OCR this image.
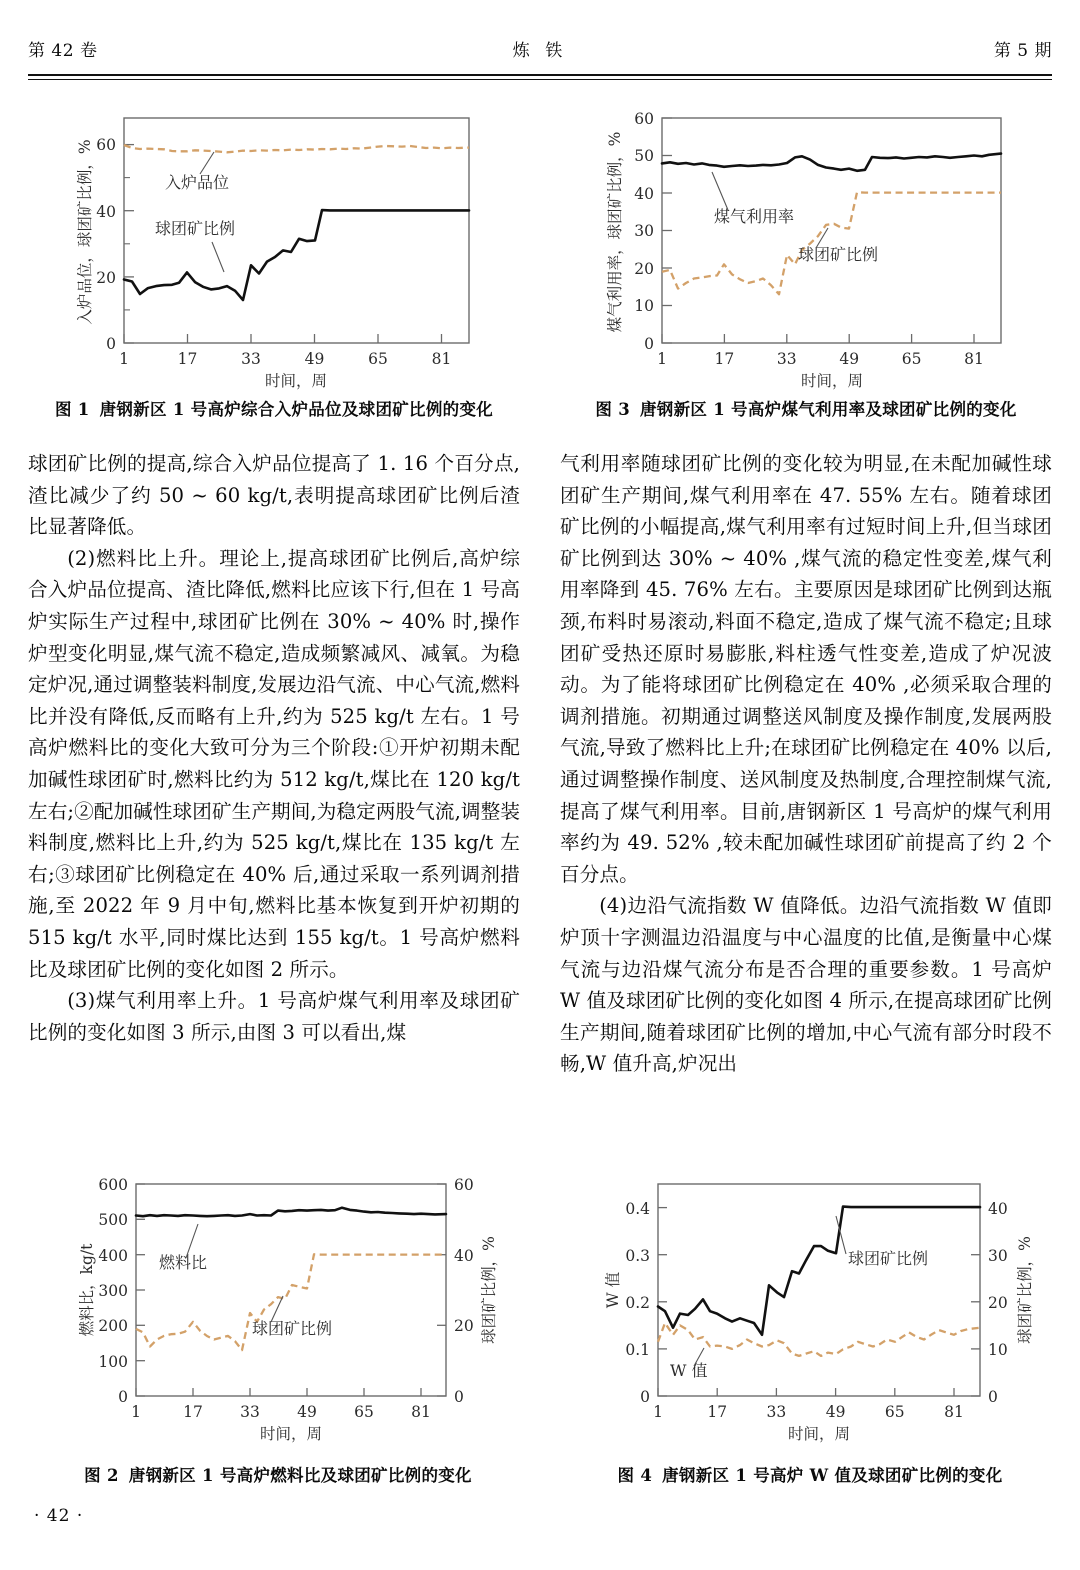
第 42 卷	炼 铁	第 5 期
0
20
40
60
1	17	33	49	65	81
时间，周
入炉品位，球团矿比例，%	入炉品位
球团矿比例
图 1 唐钢新区 1 号高炉综合入炉品位及球团矿比例的变化
0
10
20
30
40
50
60
1	17	33	49	65	81
时间，周
煤气利用率，球团矿比例，%	煤气利用率
球团矿比例
图 3 唐钢新区 1 号高炉煤气利用率及球团矿比例的变化

球团矿比例的提高,综合入炉品位提高了 1. 16 个百分点,渣比减少了约 50 ~ 60 kg/t,表明提高球团矿比例后渣比显著降低。

(2)燃料比上升。理论上,提高球团矿比例后,高炉综合入炉品位提高、渣比降低,燃料比应该下行,但在 1 号高炉实际生产过程中,球团矿比例在 30% ~ 40% 时,操作炉型变化明显,煤气流不稳定,造成频繁减风、减氧。为稳定炉况,通过调整装料制度,发展边沿气流、中心气流,燃料比并没有降低,反而略有上升,约为 525 kg/t 左右。1 号高炉燃料比的变化大致可分为三个阶段:①开炉初期未配加碱性球团矿时,燃料比约为 512 kg/t,煤比在 120 kg/t 左右;②配加碱性球团矿生产期间,为稳定两股气流,调整装料制度,燃料比上升,约为 525 kg/t,煤比在 135 kg/t 左右;③球团矿比例稳定在 40% 后,通过采取一系列调剂措施,至 2022 年 9 月中旬,燃料比基本恢复到开炉初期的 515 kg/t 水平,同时煤比达到 155 kg/t。1 号高炉燃料比及球团矿比例的变化如图 2 所示。

(3)煤气利用率上升。1 号高炉煤气利用率及球团矿比例的变化如图 3 所示,由图 3 可以看出,煤

气利用率随球团矿比例的变化较为明显,在未配加碱性球团矿生产期间,煤气利用率在 47. 55% 左右。随着球团矿比例的小幅提高,煤气利用率有过短时间上升,但当球团矿比例到达 30% ~ 40% ,煤气流的稳定性变差,煤气利用率降到 45. 76% 左右。主要原因是球团矿比例到达瓶颈,布料时易滚动,料面不稳定,造成了煤气流不稳定;且球团矿受热还原时易膨胀,料柱透气性变差,造成了炉况波动。为了能将球团矿比例稳定在 40% ,必须采取合理的调剂措施。初期通过调整送风制度及操作制度,发展两股气流,导致了燃料比上升;在球团矿比例稳定在 40% 以后,通过调整操作制度、送风制度及热制度,合理控制煤气流,提高了煤气利用率。目前,唐钢新区 1 号高炉的煤气利用率约为 49. 52% ,较未配加碱性球团矿前提高了约 2 个百分点。

(4)边沿气流指数 W 值降低。边沿气流指数 W 值即炉顶十字测温边沿温度与中心温度的比值,是衡量中心煤气流与边沿煤气流分布是否合理的重要参数。1 号高炉 W 值及球团矿比例的变化如图 4 所示,在提高球团矿比例生产期间,随着球团矿比例的增加,中心气流有部分时段不畅,W 值升高,炉况出

0
100
200
300
400
500
600
0
20
40
60
1	17 33 49 65 81
时间，周
燃料比，kg/t	球团矿比例，%
燃料比
球团矿比例
图 2 唐钢新区 1 号高炉燃料比及球团矿比例的变化
0
0.1
0.2
0.3
0.4
0
10
20
30
40
1	17	33	49	65	81
时间，周
W 值	球团矿比例，%
球团矿比例
W 值
图 4 唐钢新区 1 号高炉 W 值及球团矿比例的变化
· 42 ·
